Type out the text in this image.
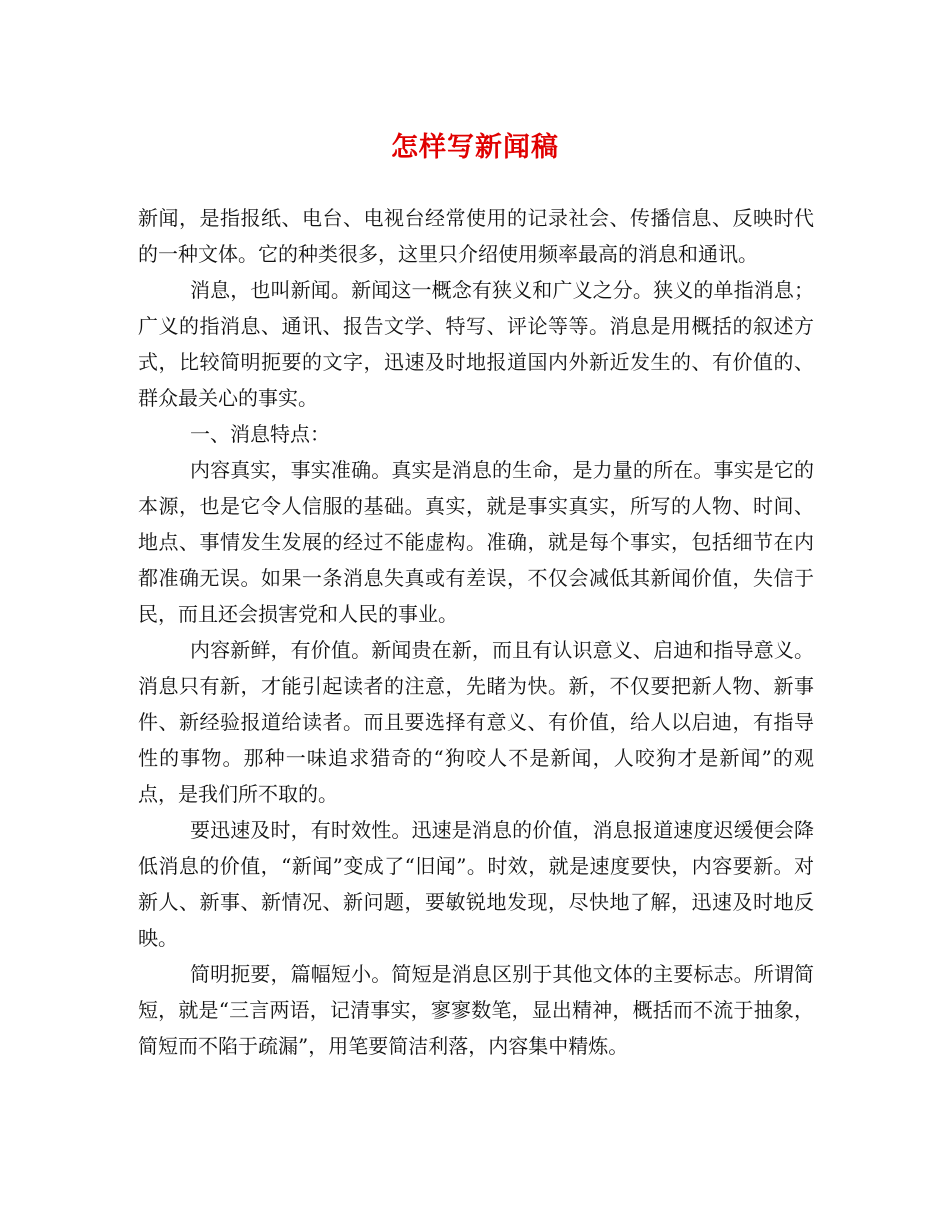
怎样写新闻稿

新闻，是指报纸、电台、电视台经常使用的记录社会、传播信息、反映时代的一种文体。它的种类很多，这里只介绍使用频率最高的消息和通讯。

消息，也叫新闻。新闻这一概念有狭义和广义之分。狭义的单指消息；广义的指消息、通讯、报告文学、特写、评论等等。消息是用概括的叙述方式，比较简明扼要的文字，迅速及时地报道国内外新近发生的、有价值的、群众最关心的事实。

一、消息特点：

内容真实，事实准确。真实是消息的生命，是力量的所在。事实是它的本源，也是它令人信服的基础。真实，就是事实真实，所写的人物、时间、地点、事情发生发展的经过不能虚构。准确，就是每个事实，包括细节在内都准确无误。如果一条消息失真或有差误，不仅会减低其新闻价值，失信于民，而且还会损害党和人民的事业。

内容新鲜，有价值。新闻贵在新，而且有认识意义、启迪和指导意义。消息只有新，才能引起读者的注意，先睹为快。新，不仅要把新人物、新事件、新经验报道给读者。而且要选择有意义、有价值，给人以启迪，有指导性的事物。那种一味追求猎奇的“狗咬人不是新闻，人咬狗才是新闻”的观点，是我们所不取的。

要迅速及时，有时效性。迅速是消息的价值，消息报道速度迟缓便会降低消息的价值，“新闻”变成了“旧闻”。时效，就是速度要快，内容要新。对新人、新事、新情况、新问题，要敏锐地发现，尽快地了解，迅速及时地反映。

简明扼要，篇幅短小。简短是消息区别于其他文体的主要标志。所谓简短，就是“三言两语，记清事实，寥寥数笔，显出精神，概括而不流于抽象，简短而不陷于疏漏”，用笔要简洁利落，内容集中精炼。
